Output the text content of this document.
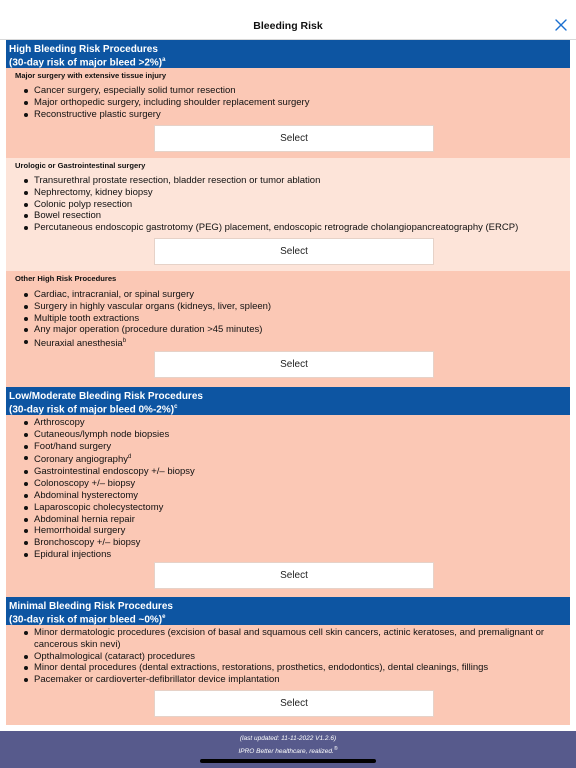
Bleeding Risk
High Bleeding Risk Procedures
(30-day risk of major bleed >2%)$^a$
Major surgery with extensive tissue injury
Cancer surgery, especially solid tumor resection
Major orthopedic surgery, including shoulder replacement surgery
Reconstructive plastic surgery
Select
Urologic or Gastrointestinal surgery
Transurethral prostate resection, bladder resection or tumor ablation
Nephrectomy, kidney biopsy
Colonic polyp resection
Bowel resection
Percutaneous endoscopic gastrotomy (PEG) placement, endoscopic retrograde cholangiopancreatography (ERCP)
Select
Other High Risk Procedures
Cardiac, intracranial, or spinal surgery
Surgery in highly vascular organs (kidneys, liver, spleen)
Multiple tooth extractions
Any major operation (procedure duration >45 minutes)
Neuraxial anesthesia$^b$
Select
Low/Moderate Bleeding Risk Procedures
(30-day risk of major bleed 0%-2%)$^c$
Arthroscopy
Cutaneous/lymph node biopsies
Foot/hand surgery
Coronary angiography$^d$
Gastrointestinal endoscopy +/– biopsy
Colonoscopy +/– biopsy
Abdominal hysterectomy
Laparoscopic cholecystectomy
Abdominal hernia repair
Hemorrhoidal surgery
Bronchoscopy +/– biopsy
Epidural injections
Select
Minimal Bleeding Risk Procedures
(30-day risk of major bleed ~0%)$^e$
Minor dermatologic procedures (excision of basal and squamous cell skin cancers, actinic keratoses, and premalignant or cancerous skin nevi)
Opthalmological (cataract) procedures
Minor dental procedures (dental extractions, restorations, prosthetics, endodontics), dental cleanings, fillings
Pacemaker or cardioverter-defibrillator device implantation
Select
(last updated: 11-11-2022 V1.2.6)
IPRO Better healthcare, realized.®
